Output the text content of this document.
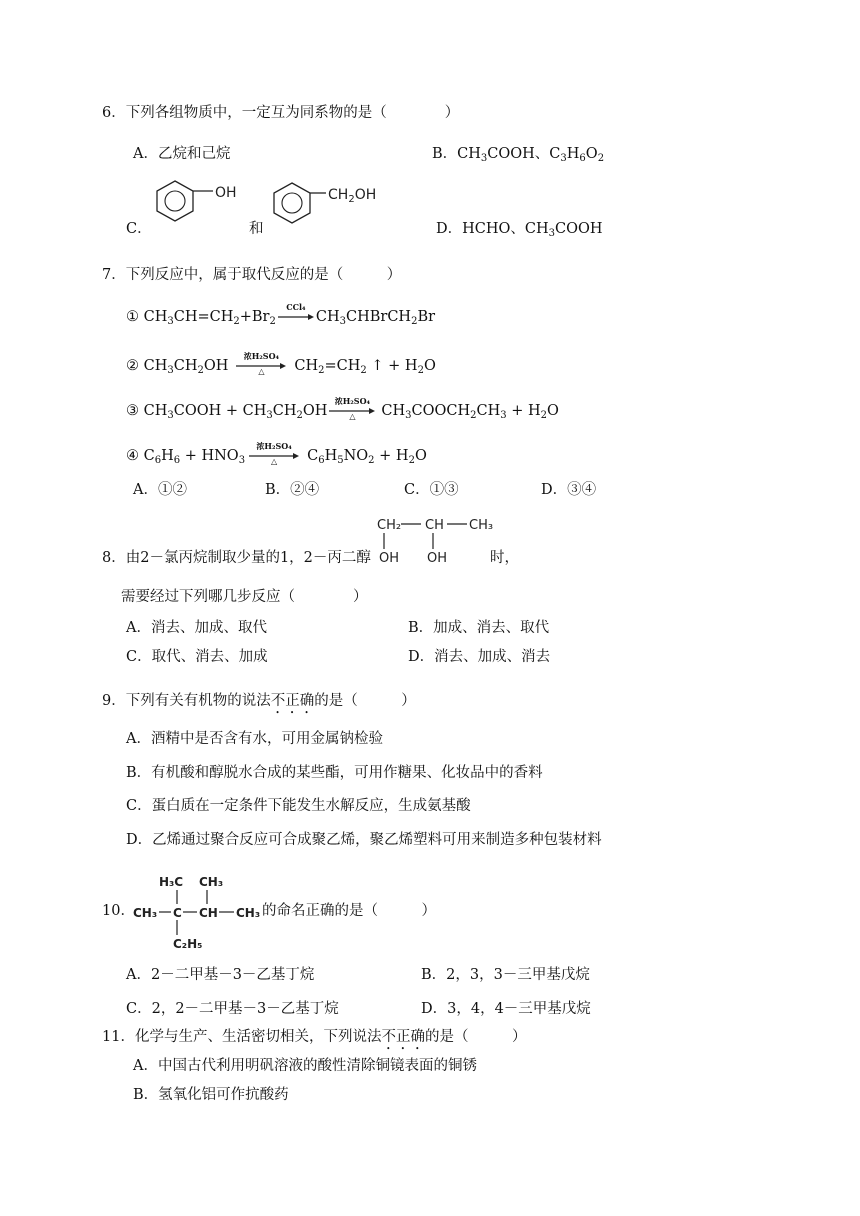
6．下列各组物质中，一定互为同系物的是（　　　　）
A．乙烷和己烷	B．$CH_3COOH$、$C_3H_6O_2$
C．
OH
和
$CH_2OH$
D．HCHO、$CH_3COOH$
7．下列反应中，属于取代反应的是（　　　）
① $CH_3CH=CH_2+Br_2$
CCl₄
$CH_3CHBrCH_2Br$
② $CH_3CH_2OH$
浓H₂SO₄
△	$CH_2=CH_2$ ↑ + $H_2O$
③ $CH_3COOH + CH_3CH_2OH$
浓H₂SO₄
△	$CH_3COOCH_2CH_3 + H_2O$
④ $C_6H_6 + HNO_3$
浓H₂SO₄
△	$C_6H_5NO_2 + H_2O$
A．①②	B．②④	C．①③	D．③④
8．由2－氯丙烷制取少量的1，2－丙二醇
CH₂ CH CH₃
OH OH	时，
需要经过下列哪几步反应（　　　　）
A．消去、加成、取代	B．加成、消去、取代
C．取代、消去、加成	D．消去、加成、消去
9．下列有关有机物的说法不正确的是（　　　）
A．酒精中是否含有水，可用金属钠检验
B．有机酸和醇脱水合成的某些酯，可用作糖果、化妆品中的香料
C．蛋白质在一定条件下能发生水解反应，生成氨基酸
D．乙烯通过聚合反应可合成聚乙烯，聚乙烯塑料可用来制造多种包装材料
10．
H₃C CH₃
CH₃ C CH CH₃
C₂H₅
的命名正确的是（　　　）
A．2－二甲基－3－乙基丁烷	B．2，3，3－三甲基戊烷
C．2，2－二甲基－3－乙基丁烷	D．3，4，4－三甲基戊烷
11．化学与生产、生活密切相关，下列说法不正确的是（　　　）
A．中国古代利用明矾溶液的酸性清除铜镜表面的铜锈
B．氢氧化铝可作抗酸药
